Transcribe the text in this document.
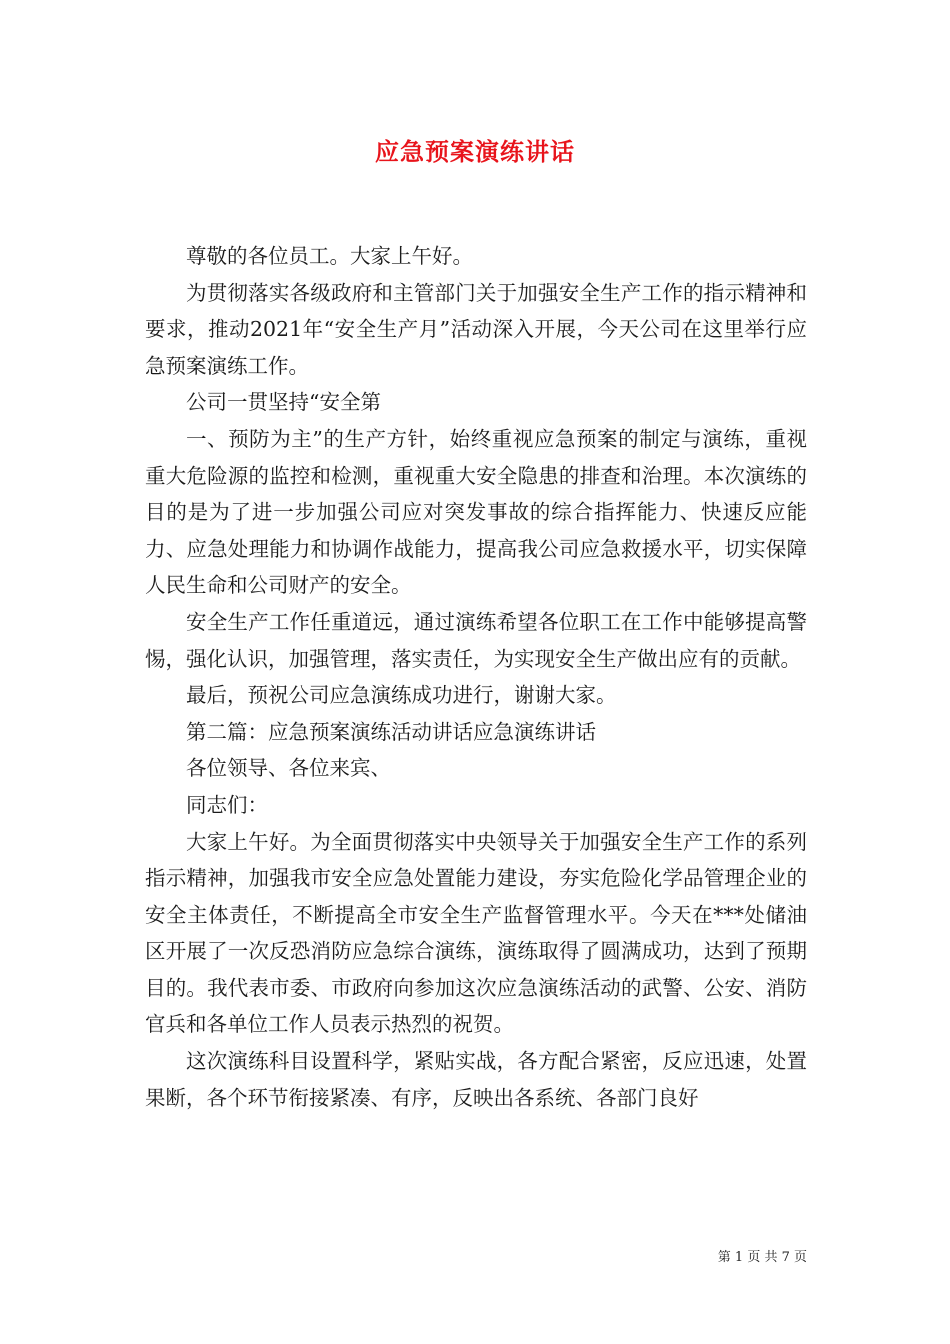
应急预案演练讲话

尊敬的各位员工。大家上午好。

为贯彻落实各级政府和主管部门关于加强安全生产工作的指示精神和要求，推动2021年“安全生产月”活动深入开展，今天公司在这里举行应急预案演练工作。

公司一贯坚持“安全第

一、预防为主”的生产方针，始终重视应急预案的制定与演练，重视重大危险源的监控和检测，重视重大安全隐患的排查和治理。本次演练的目的是为了进一步加强公司应对突发事故的综合指挥能力、快速反应能力、应急处理能力和协调作战能力，提高我公司应急救援水平，切实保障人民生命和公司财产的安全。

安全生产工作任重道远，通过演练希望各位职工在工作中能够提高警惕，强化认识，加强管理，落实责任，为实现安全生产做出应有的贡献。

最后，预祝公司应急演练成功进行，谢谢大家。

第二篇：应急预案演练活动讲话应急演练讲话

各位领导、各位来宾、

同志们：

大家上午好。为全面贯彻落实中央领导关于加强安全生产工作的系列指示精神，加强我市安全应急处置能力建设，夯实危险化学品管理企业的安全主体责任，不断提高全市安全生产监督管理水平。今天在***处储油区开展了一次反恐消防应急综合演练，演练取得了圆满成功，达到了预期目的。我代表市委、市政府向参加这次应急演练活动的武警、公安、消防官兵和各单位工作人员表示热烈的祝贺。

这次演练科目设置科学，紧贴实战，各方配合紧密，反应迅速，处置果断，各个环节衔接紧凑、有序，反映出各系统、各部门良好

第 1 页 共 7 页
